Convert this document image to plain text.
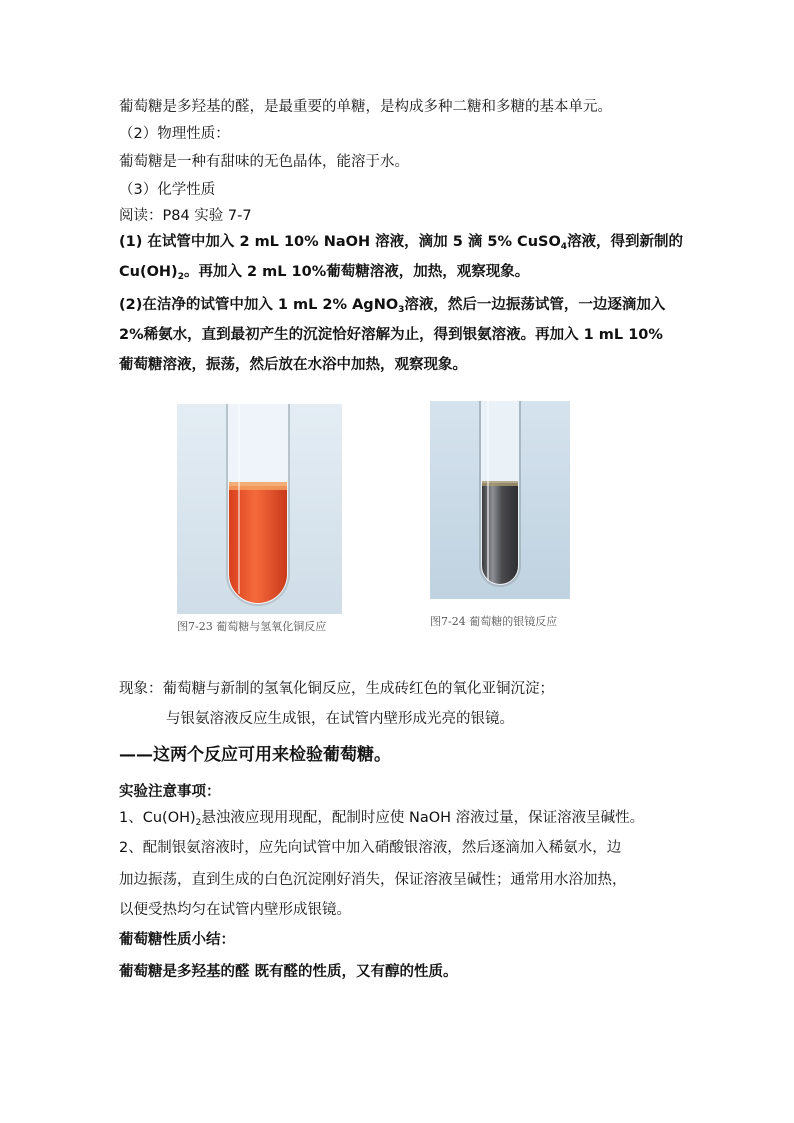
葡萄糖是多羟基的醛，是最重要的单糖，是构成多种二糖和多糖的基本单元。
（2）物理性质：
葡萄糖是一种有甜味的无色晶体，能溶于水。
（3）化学性质
阅读：P84 实验 7-7
(1) 在试管中加入 2 mL 10% NaOH 溶液，滴加 5 滴 5% CuSO$_4$溶液，得到新制的
$Cu(OH)_2$。再加入 2 mL 10%葡萄糖溶液，加热，观察现象。
(2)在洁净的试管中加入 1 mL 2% AgNO$_3$溶液，然后一边振荡试管，一边逐滴加入
2%稀氨水，直到最初产生的沉淀恰好溶解为止，得到银氨溶液。再加入 1 mL 10%
葡萄糖溶液，振荡，然后放在水浴中加热，观察现象。
图7-23 葡萄糖与氢氧化铜反应	图7-24 葡萄糖的银镜反应
现象：葡萄糖与新制的氢氧化铜反应，生成砖红色的氧化亚铜沉淀；
与银氨溶液反应生成银，在试管内壁形成光亮的银镜。
——这两个反应可用来检验葡萄糖。
实验注意事项：
1、$Cu(OH)_2$悬浊液应现用现配，配制时应使 NaOH 溶液过量，保证溶液呈碱性。
2、配制银氨溶液时，应先向试管中加入硝酸银溶液，然后逐滴加入稀氨水，边
加边振荡，直到生成的白色沉淀刚好消失，保证溶液呈碱性；通常用水浴加热，
以便受热均匀在试管内壁形成银镜。
葡萄糖性质小结：
葡萄糖是多羟基的醛 既有醛的性质，又有醇的性质。
